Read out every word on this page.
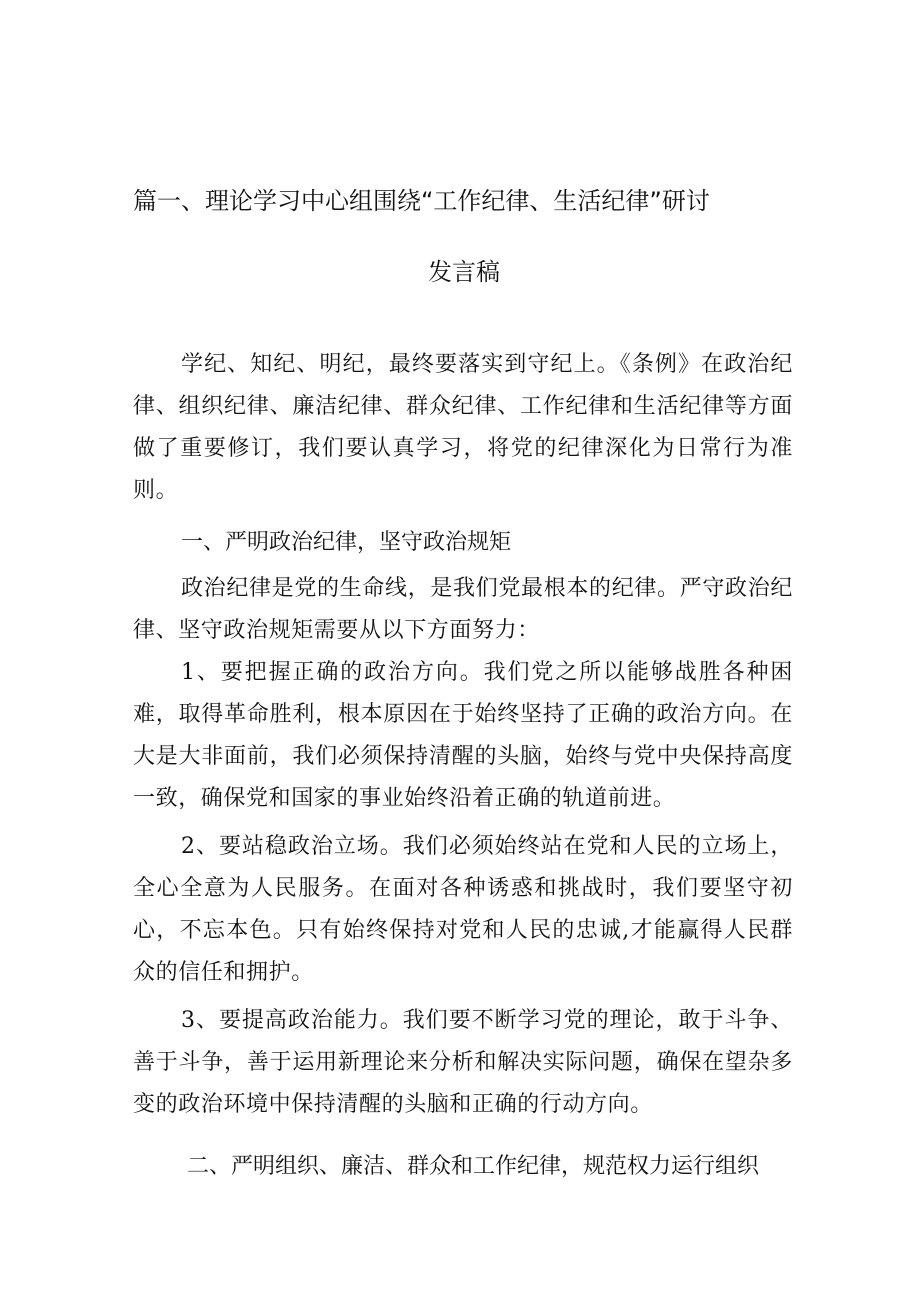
篇一、理论学习中心组围绕“工作纪律、生活纪律”研讨
发言稿

学纪、知纪、明纪，最终要落实到守纪上。《条例》在政治纪律、组织纪律、廉洁纪律、群众纪律、工作纪律和生活纪律等方面做了重要修订，我们要认真学习，将党的纪律深化为日常行为准则。

一、严明政治纪律，坚守政治规矩

政治纪律是党的生命线，是我们党最根本的纪律。严守政治纪律、坚守政治规矩需要从以下方面努力：

1、要把握正确的政治方向。我们党之所以能够战胜各种困难，取得革命胜利，根本原因在于始终坚持了正确的政治方向。在大是大非面前，我们必须保持清醒的头脑，始终与党中央保持高度一致，确保党和国家的事业始终沿着正确的轨道前进。

2、要站稳政治立场。我们必须始终站在党和人民的立场上，全心全意为人民服务。在面对各种诱惑和挑战时，我们要坚守初心，不忘本色。只有始终保持对党和人民的忠诚,才能赢得人民群众的信任和拥护。

3、要提高政治能力。我们要不断学习党的理论，敢于斗争、善于斗争，善于运用新理论来分析和解决实际问题，确保在望杂多变的政治环境中保持清醒的头脑和正确的行动方向。

二、严明组织、廉洁、群众和工作纪律，规范权力运行组织
